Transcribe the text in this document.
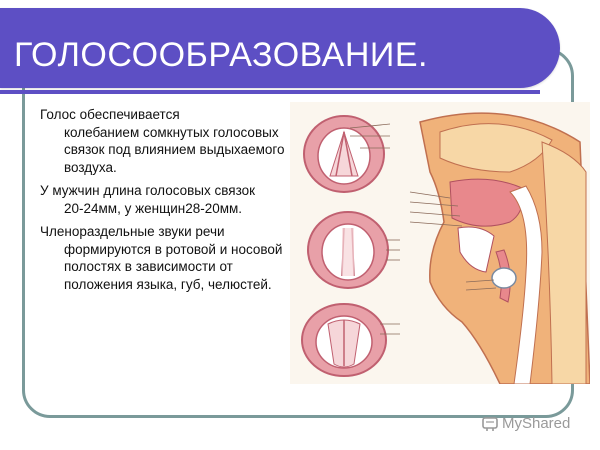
ГОЛОСООБРАЗОВАНИЕ.
Голос обеспечивается
колебанием сомкнутых голосовых связок под влиянием выдыхаемого воздуха.
У мужчин длина голосовых связок
20-24мм, у женщин28-20мм.
Членораздельные звуки речи
формируются в ротовой и носовой полостях в зависимости от положения языка, губ, челюстей.
MyShared
